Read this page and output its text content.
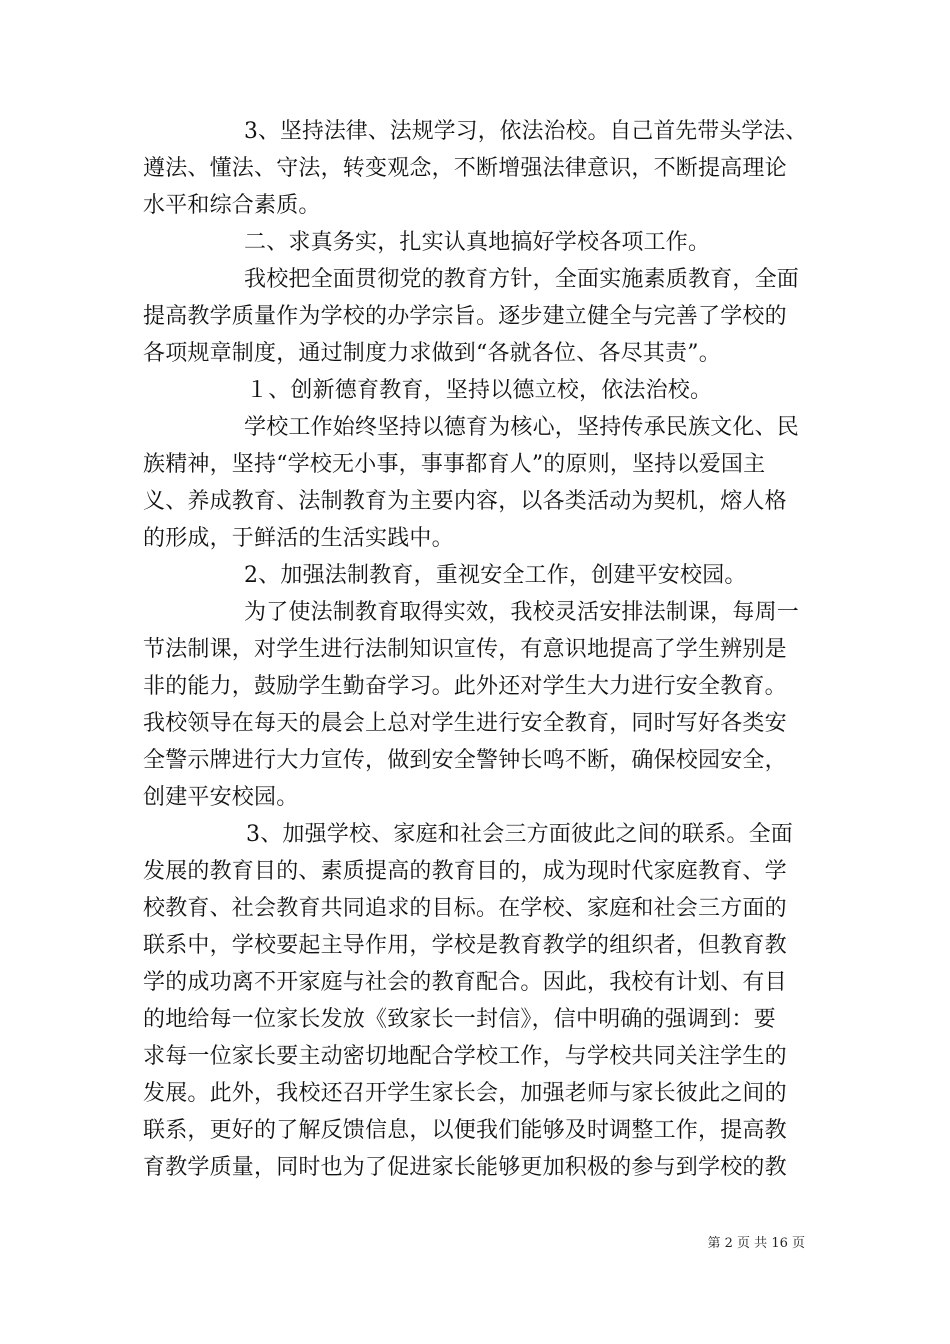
3、坚持法律、法规学习，依法治校。自己首先带头学法、
遵法、懂法、守法，转变观念，不断增强法律意识，不断提高理论
水平和综合素质。
二、求真务实，扎实认真地搞好学校各项工作。
我校把全面贯彻党的教育方针，全面实施素质教育，全面
提高教学质量作为学校的办学宗旨。逐步建立健全与完善了学校的
各项规章制度，通过制度力求做到“各就各位、各尽其责”。
１、创新德育教育，坚持以德立校，依法治校。
学校工作始终坚持以德育为核心，坚持传承民族文化、民
族精神，坚持“学校无小事，事事都育人”的原则，坚持以爱国主
义、养成教育、法制教育为主要内容，以各类活动为契机，熔人格
的形成，于鲜活的生活实践中。
2、加强法制教育，重视安全工作，创建平安校园。
为了使法制教育取得实效，我校灵活安排法制课，每周一
节法制课，对学生进行法制知识宣传，有意识地提高了学生辨别是
非的能力，鼓励学生勤奋学习。此外还对学生大力进行安全教育。
我校领导在每天的晨会上总对学生进行安全教育，同时写好各类安
全警示牌进行大力宣传，做到安全警钟长鸣不断，确保校园安全，
创建平安校园。
3、加强学校、家庭和社会三方面彼此之间的联系。全面
发展的教育目的、素质提高的教育目的，成为现时代家庭教育、学
校教育、社会教育共同追求的目标。在学校、家庭和社会三方面的
联系中，学校要起主导作用，学校是教育教学的组织者，但教育教
学的成功离不开家庭与社会的教育配合。因此，我校有计划、有目
的地给每一位家长发放《致家长一封信》，信中明确的强调到：要
求每一位家长要主动密切地配合学校工作，与学校共同关注学生的
发展。此外，我校还召开学生家长会，加强老师与家长彼此之间的
联系，更好的了解反馈信息，以便我们能够及时调整工作，提高教
育教学质量，同时也为了促进家长能够更加积极的参与到学校的教
第 2 页 共 16 页
